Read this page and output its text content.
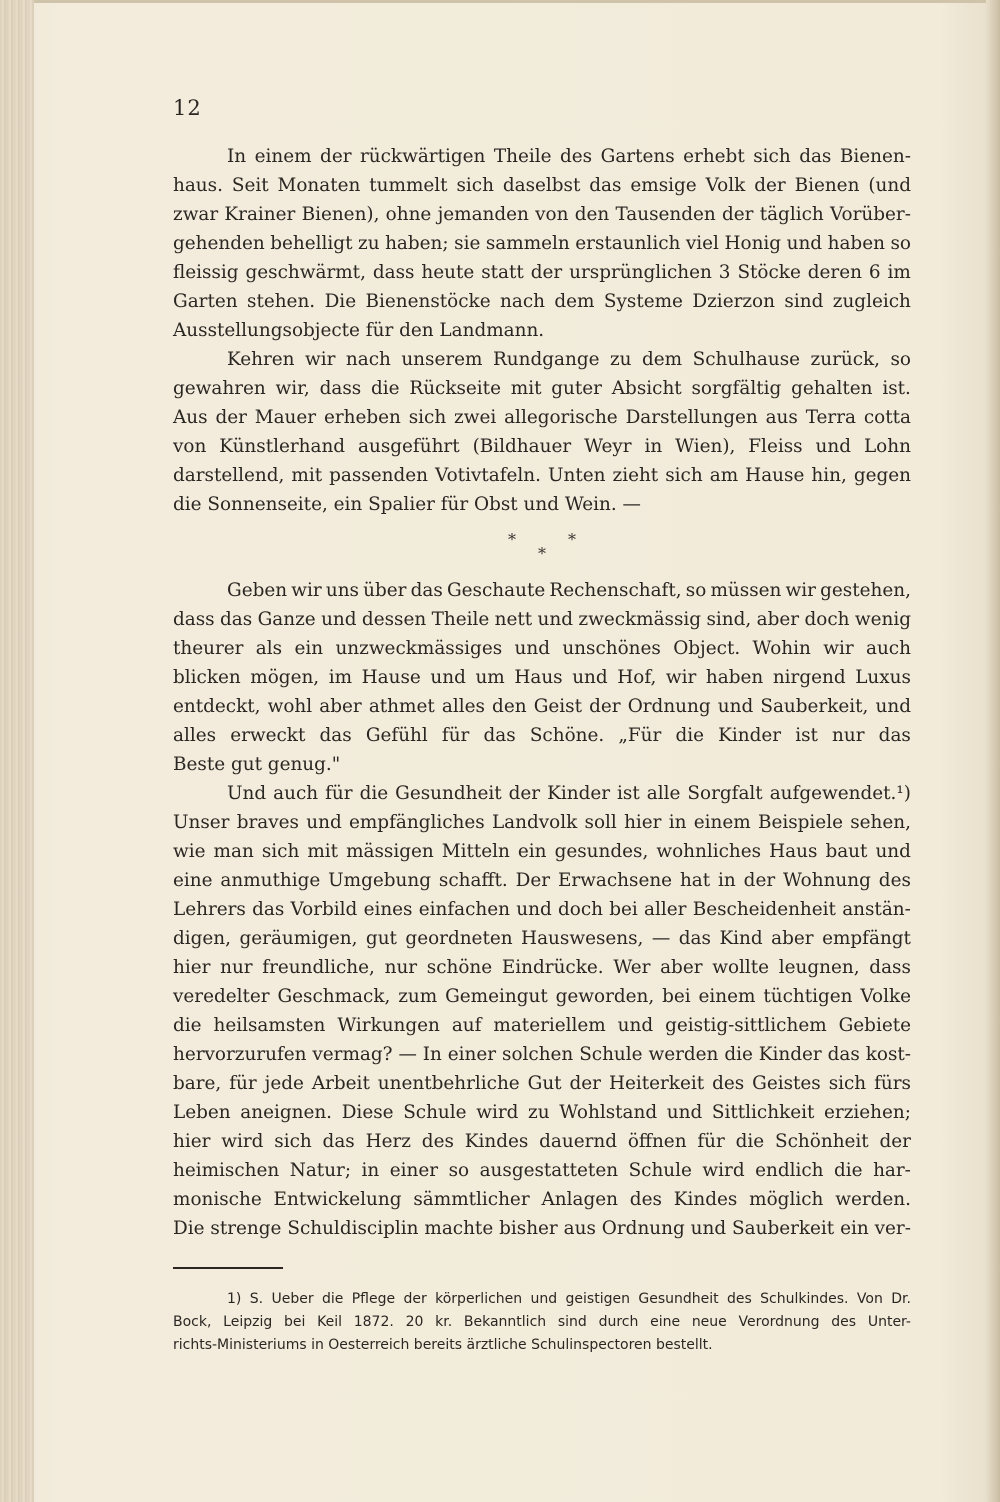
12
In einem der rückwärtigen Theile des Gartens erhebt sich das Bienen-
haus. Seit Monaten tummelt sich daselbst das emsige Volk der Bienen (und
zwar Krainer Bienen), ohne jemanden von den Tausenden der täglich Vorüber-
gehenden behelligt zu haben; sie sammeln erstaunlich viel Honig und haben so
fleissig geschwärmt, dass heute statt der ursprünglichen 3 Stöcke deren 6 im
Garten stehen. Die Bienenstöcke nach dem Systeme Dzierzon sind zugleich
Ausstellungsobjecte für den Landmann.
Kehren wir nach unserem Rundgange zu dem Schulhause zurück, so
gewahren wir, dass die Rückseite mit guter Absicht sorgfältig gehalten ist.
Aus der Mauer erheben sich zwei allegorische Darstellungen aus Terra cotta
von Künstlerhand ausgeführt (Bildhauer Weyr in Wien), Fleiss und Lohn
darstellend, mit passenden Votivtafeln. Unten zieht sich am Hause hin, gegen
die Sonnenseite, ein Spalier für Obst und Wein. —
*	*
*
Geben wir uns über das Geschaute Rechenschaft, so müssen wir gestehen,
dass das Ganze und dessen Theile nett und zweckmässig sind, aber doch wenig
theurer als ein unzweckmässiges und unschönes Object. Wohin wir auch
blicken mögen, im Hause und um Haus und Hof, wir haben nirgend Luxus
entdeckt, wohl aber athmet alles den Geist der Ordnung und Sauberkeit, und
alles erweckt das Gefühl für das Schöne. „Für die Kinder ist nur das
Beste gut genug."
Und auch für die Gesundheit der Kinder ist alle Sorgfalt aufgewendet.¹)
Unser braves und empfängliches Landvolk soll hier in einem Beispiele sehen,
wie man sich mit mässigen Mitteln ein gesundes, wohnliches Haus baut und
eine anmuthige Umgebung schafft. Der Erwachsene hat in der Wohnung des
Lehrers das Vorbild eines einfachen und doch bei aller Bescheidenheit anstän-
digen, geräumigen, gut geordneten Hauswesens, — das Kind aber empfängt
hier nur freundliche, nur schöne Eindrücke. Wer aber wollte leugnen, dass
veredelter Geschmack, zum Gemeingut geworden, bei einem tüchtigen Volke
die heilsamsten Wirkungen auf materiellem und geistig-sittlichem Gebiete
hervorzurufen vermag? — In einer solchen Schule werden die Kinder das kost-
bare, für jede Arbeit unentbehrliche Gut der Heiterkeit des Geistes sich fürs
Leben aneignen. Diese Schule wird zu Wohlstand und Sittlichkeit erziehen;
hier wird sich das Herz des Kindes dauernd öffnen für die Schönheit der
heimischen Natur; in einer so ausgestatteten Schule wird endlich die har-
monische Entwickelung sämmtlicher Anlagen des Kindes möglich werden.
Die strenge Schuldisciplin machte bisher aus Ordnung und Sauberkeit ein ver-
1) S. Ueber die Pflege der körperlichen und geistigen Gesundheit des Schulkindes. Von Dr.
Bock, Leipzig bei Keil 1872. 20 kr. Bekanntlich sind durch eine neue Verordnung des Unter-
richts-Ministeriums in Oesterreich bereits ärztliche Schulinspectoren bestellt.
